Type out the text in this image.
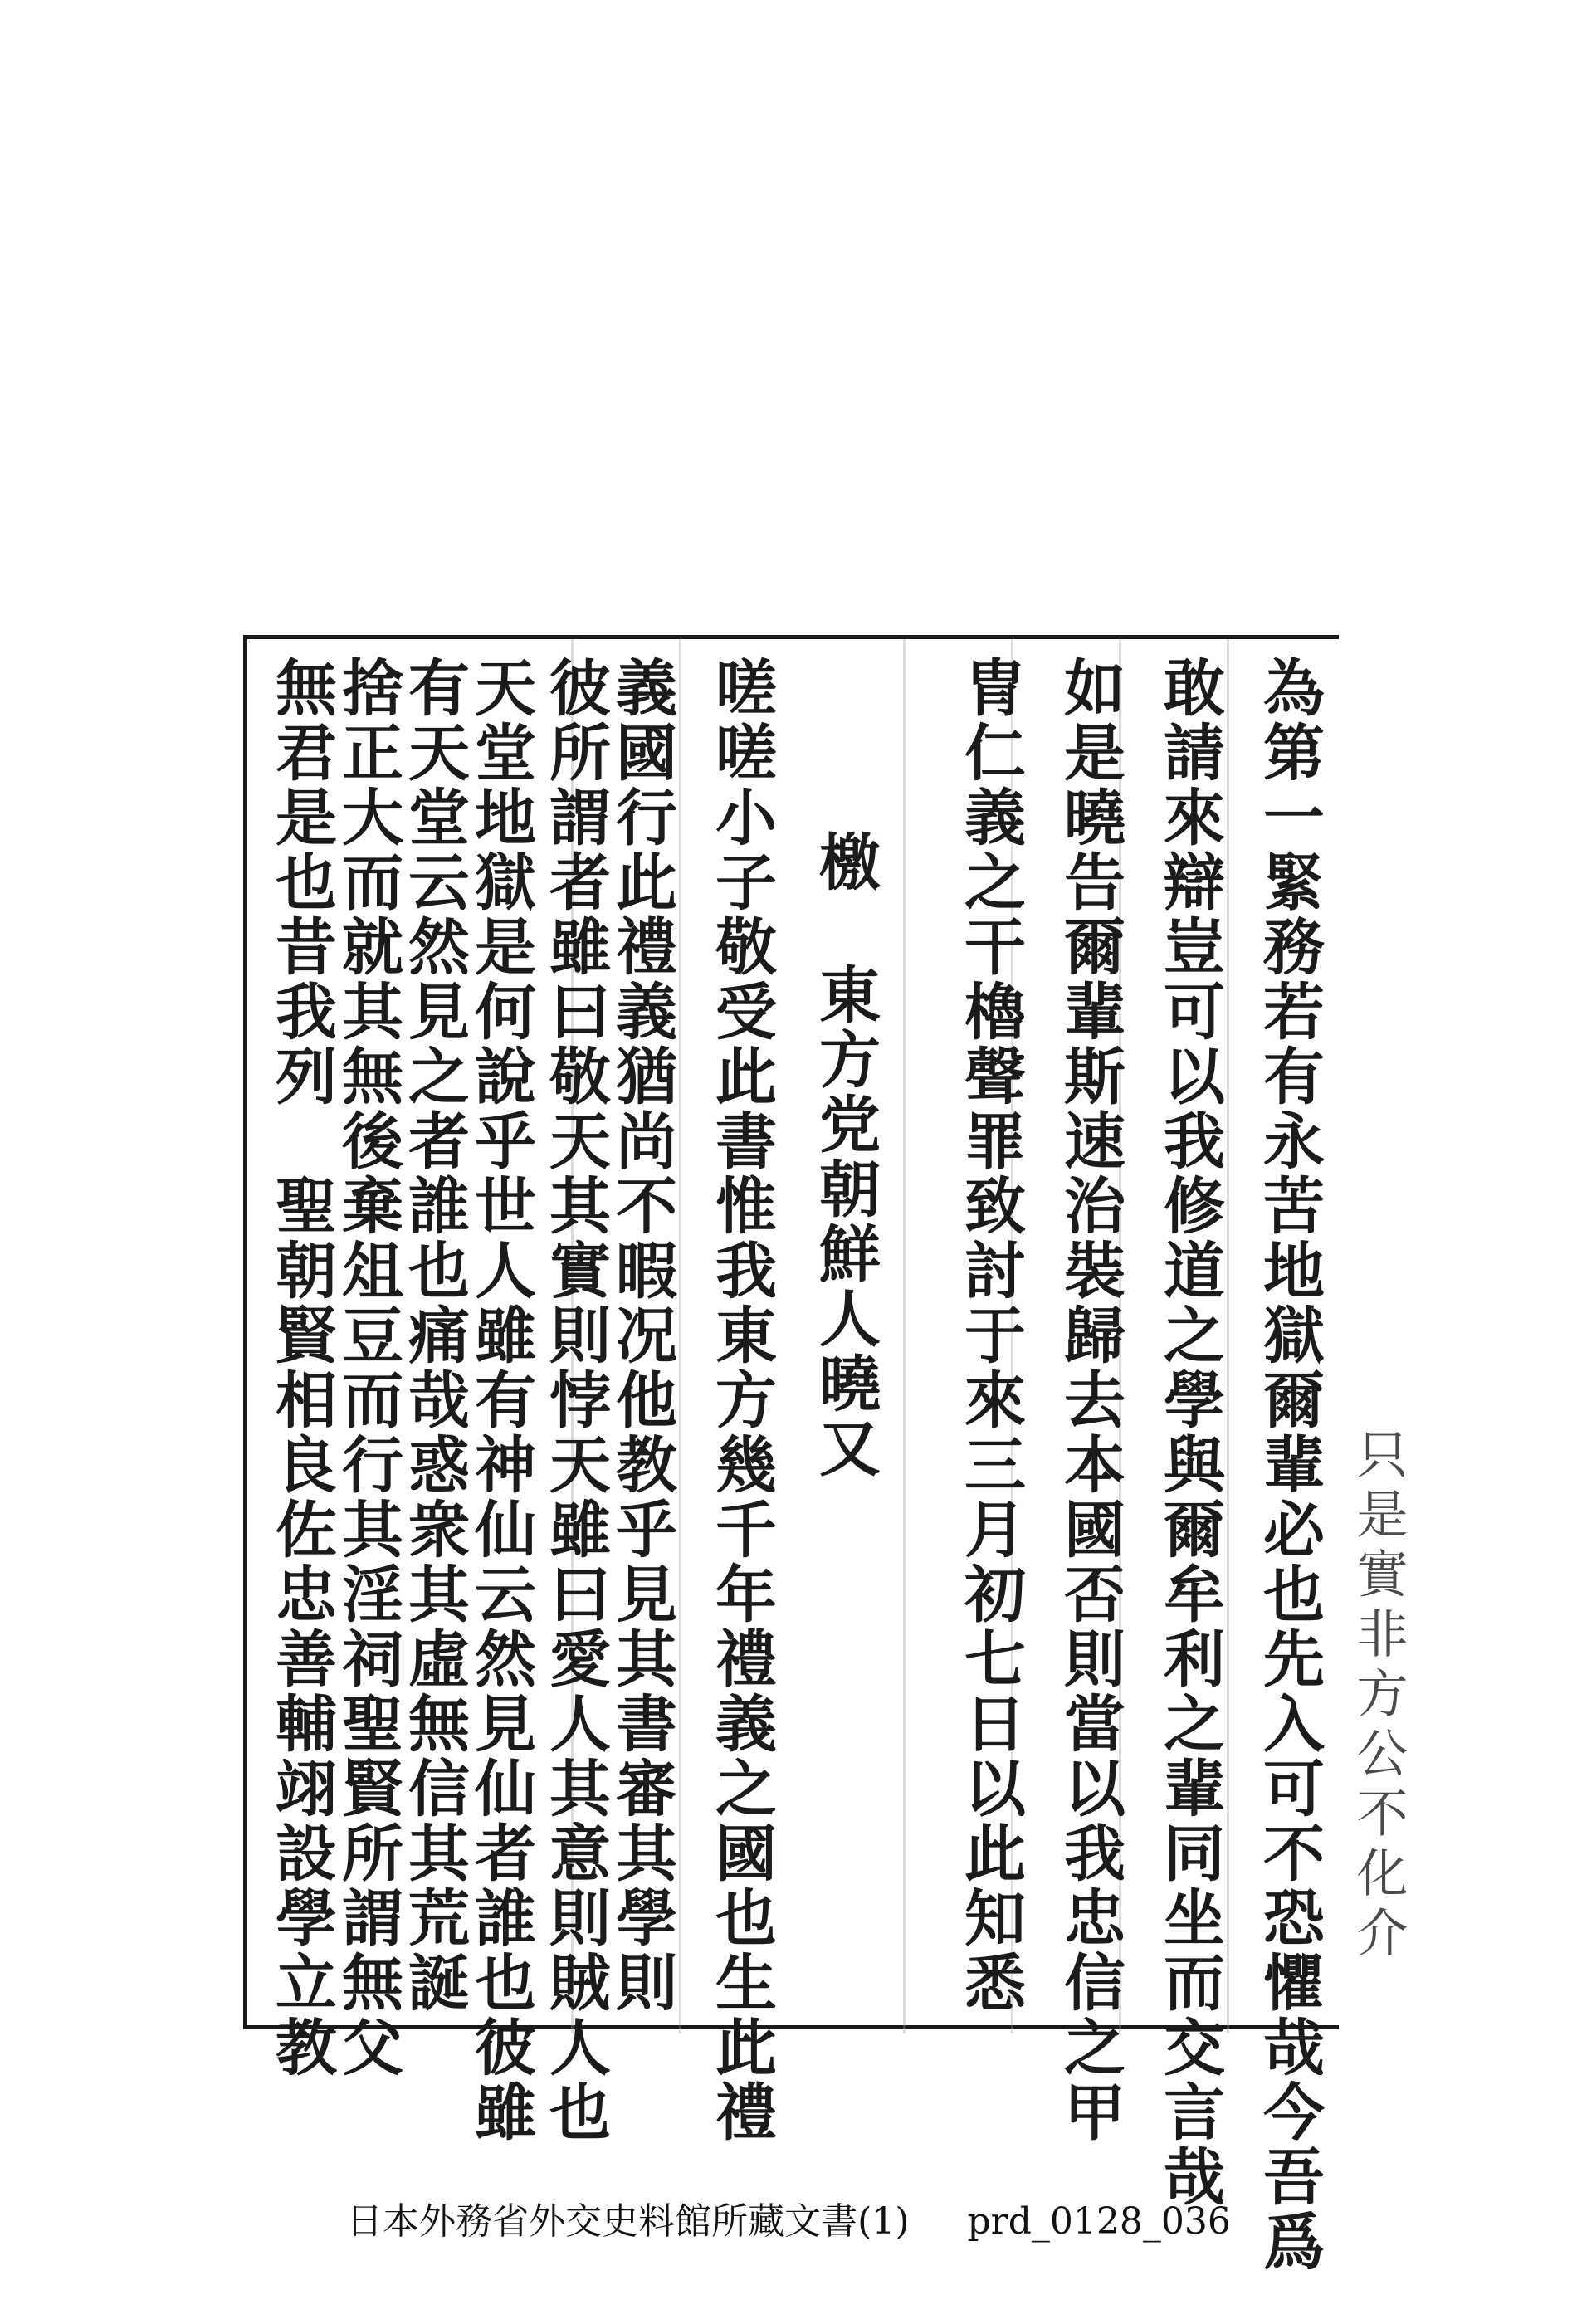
為第一緊務若有永苦地獄爾輩必也先入可不恐懼哉今吾爲
敢請來辯豈可以我修道之學與爾牟利之輩同坐而交言哉
如是曉告爾輩斯速治裝歸去本國否則當以我忠信之甲
冑仁義之干櫓聲罪致討于來三月初七日以此知悉
檄
東方党朝鮮人曉又
嗟嗟小子敬受此書惟我東方幾千年禮義之國也生此禮
義國行此禮義猶尚不暇况他教乎見其書審其學則
彼所謂者雖曰敬天其實則悖天雖曰愛人其意則賊人也
天堂地獄是何說乎世人雖有神仙云然見仙者誰也彼雖
有天堂云然見之者誰也痛哉惑衆其虛無信其荒誕
捨正大而就其無後棄俎豆而行其淫祠聖賢所謂無父
無君是也昔我列　聖朝賢相良佐忠善輔翊設學立教	只是實非方公不化介
日本外務省外交史料館所藏文書(1) prd_0128_036
